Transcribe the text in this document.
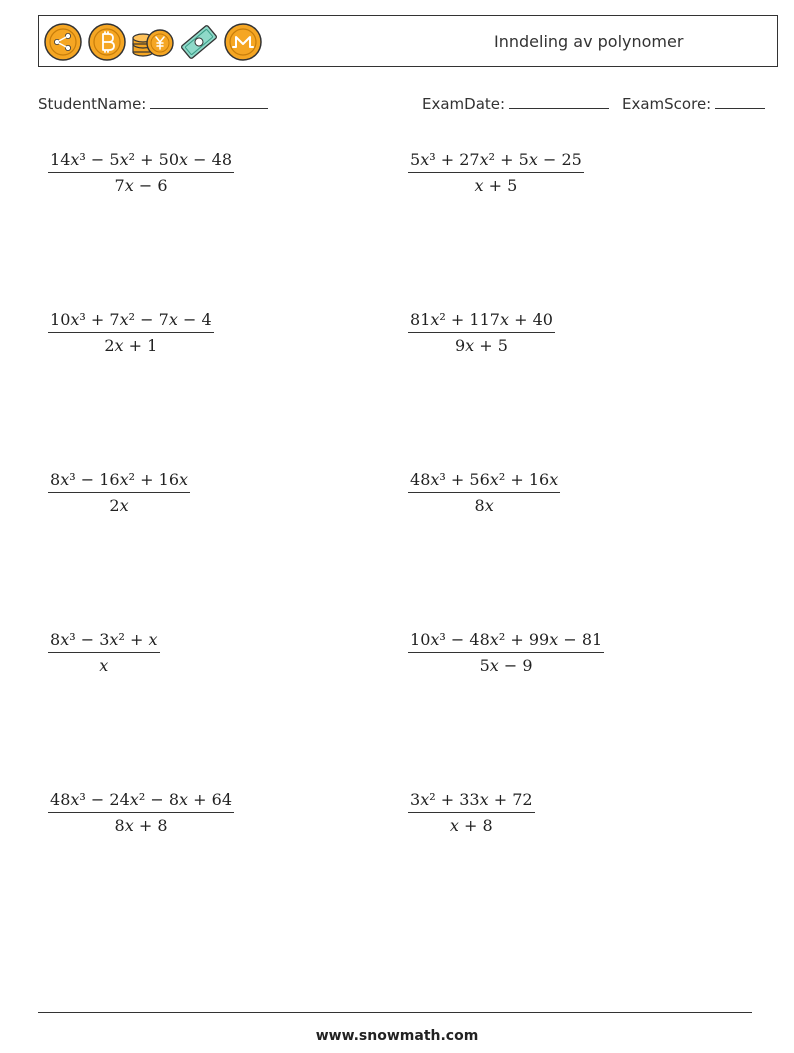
Inndeling av polynomer
StudentName:	ExamDate:	ExamScore:
$\frac{\text{14x³ − 5x² + 50x − 48}}{7x - 6}$	$\frac{\text{5x³ + 27x² + 5x − 25}}{x + 5}$
$\frac{\text{10x³ + 7x² − 7x − 4}}{2x + 1}$	$\frac{\text{81x² + 117x + 40}}{9x + 5}$
$\frac{\text{8x³ − 16x² + 16x}}{2x}$	$\frac{\text{48x³ + 56x² + 16x}}{8x}$
$\frac{\text{8x³ − 3x² + x}}{x}$	$\frac{\text{10x³ − 48x² + 99x − 81}}{5x - 9}$
$\frac{\text{48x³ − 24x² − 8x + 64}}{8x + 8}$	$\frac{\text{3x² + 33x + 72}}{x + 8}$
www.snowmath.com
